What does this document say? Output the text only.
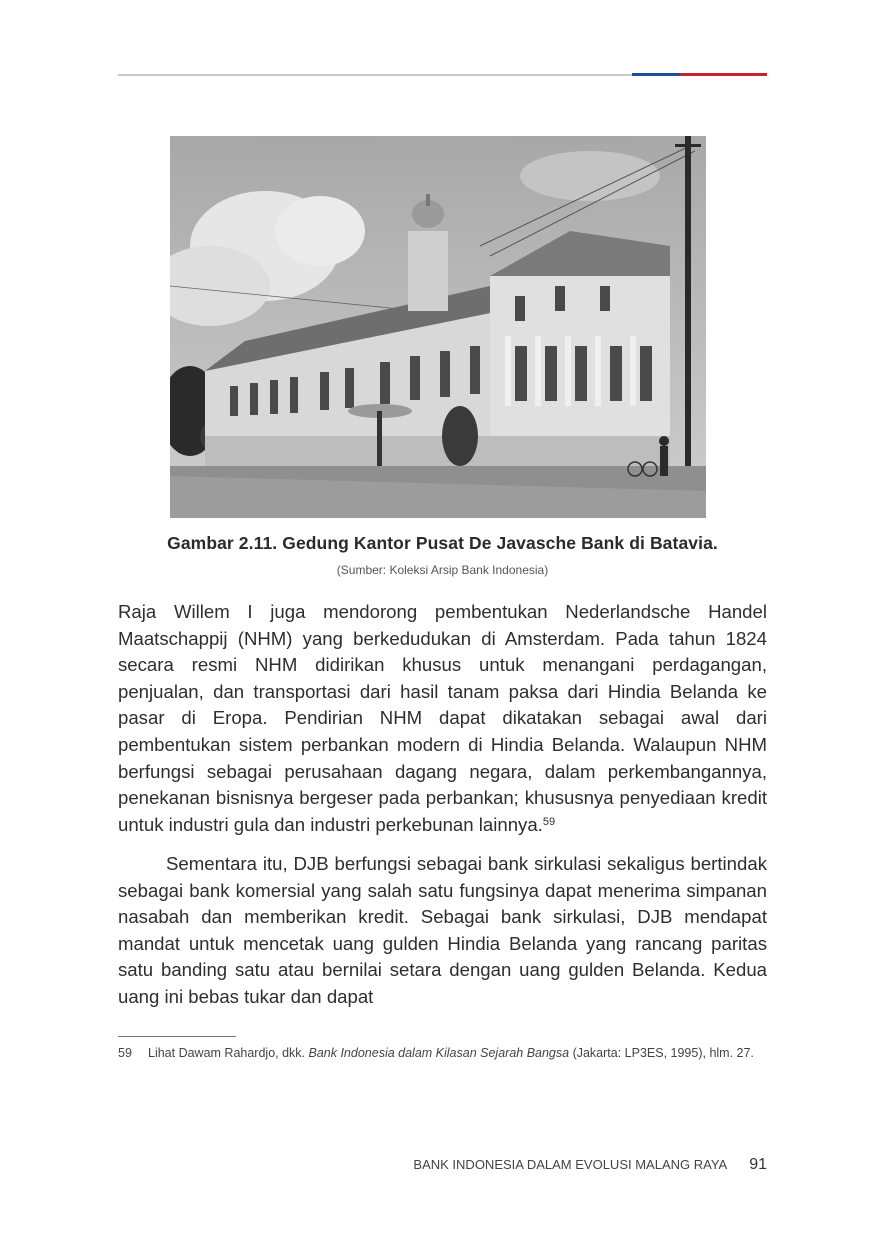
Gambar 2.11. Gedung Kantor Pusat De Javasche Bank di Batavia.
(Sumber: Koleksi Arsip Bank Indonesia)

Raja Willem I juga mendorong pembentukan Nederlandsche Handel Maatschappij (NHM) yang berkedudukan di Amsterdam. Pada tahun 1824 secara resmi NHM didirikan khusus untuk menangani perdagangan, penjualan, dan transportasi dari hasil tanam paksa dari Hindia Belanda ke pasar di Eropa. Pendirian NHM dapat dikatakan sebagai awal dari pembentukan sistem perbankan modern di Hindia Belanda. Walaupun NHM berfungsi sebagai perusahaan dagang negara, dalam perkembangannya, penekanan bisnisnya bergeser pada perbankan; khususnya penyediaan kredit untuk industri gula dan industri perkebunan lainnya.$^{59}$

Sementara itu, DJB berfungsi sebagai bank sirkulasi sekaligus bertindak sebagai bank komersial yang salah satu fungsinya dapat menerima simpanan nasabah dan memberikan kredit. Sebagai bank sirkulasi, DJB mendapat mandat untuk mencetak uang gulden Hindia Belanda yang rancang paritas satu banding satu atau bernilai setara dengan uang gulden Belanda. Kedua uang ini bebas tukar dan dapat

59	Lihat Dawam Rahardjo, dkk. Bank Indonesia dalam Kilasan Sejarah Bangsa (Jakarta: LP3ES, 1995), hlm. 27.
BANK INDONESIA DALAM EVOLUSI MALANG RAYA 91
